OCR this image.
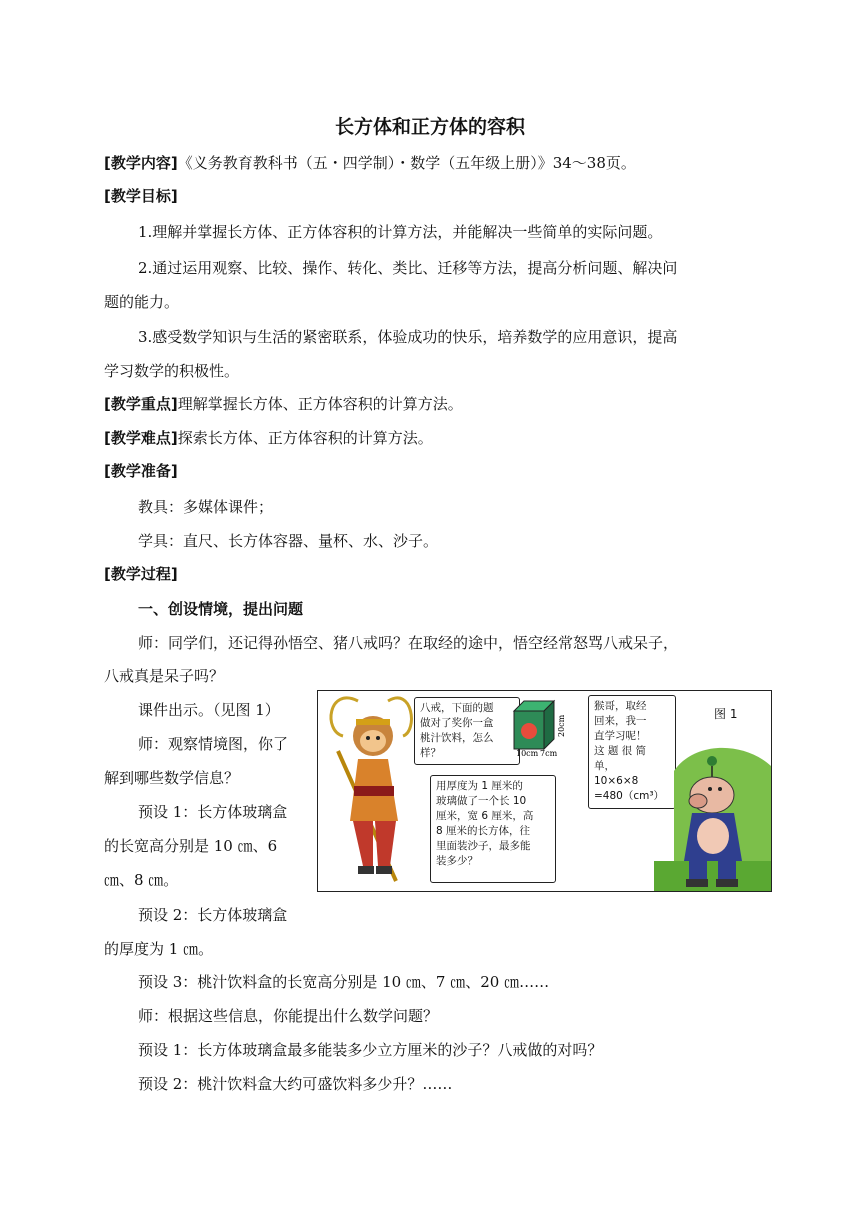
长方体和正方体的容积
[教学内容]《义务教育教科书（五・四学制）・数学（五年级上册）》34～38页。
[教学目标]
1.理解并掌握长方体、正方体容积的计算方法，并能解决一些简单的实际问题。
2.通过运用观察、比较、操作、转化、类比、迁移等方法，提高分析问题、解决问
题的能力。
3.感受数学知识与生活的紧密联系，体验成功的快乐，培养数学的应用意识，提高
学习数学的积极性。
[教学重点]理解掌握长方体、正方体容积的计算方法。
[教学难点]探索长方体、正方体容积的计算方法。
[教学准备]
教具：多媒体课件；
学具：直尺、长方体容器、量杯、水、沙子。
[教学过程]
一、创设情境，提出问题
师：同学们，还记得孙悟空、猪八戒吗？在取经的途中，悟空经常怒骂八戒呆子，
八戒真是呆子吗？
课件出示。（见图 1）
师：观察情境图，你了
解到哪些数学信息？
预设 1：长方体玻璃盒
的长宽高分别是 10 ㎝、6
㎝、8 ㎝。
预设 2：长方体玻璃盒
的厚度为 1 ㎝。
预设 3：桃汁饮料盒的长宽高分别是 10 ㎝、7 ㎝、20 ㎝……
师：根据这些信息，你能提出什么数学问题？
预设 1：长方体玻璃盒最多能装多少立方厘米的沙子？八戒做的对吗？
预设 2：桃汁饮料盒大约可盛饮料多少升？……
八戒，下面的题
做对了奖你一盒
桃汁饮料，怎么
样？	10cm 7cm
20cm
用厚度为 1 厘米的
玻璃做了一个长 10
厘米，宽 6 厘米，高
8 厘米的长方体，往
里面装沙子，最多能
装多少？
猴哥，取经
回来，我一
直学习呢！
这 题 很 简
单，
10×6×8
=480（cm³）
图 1
